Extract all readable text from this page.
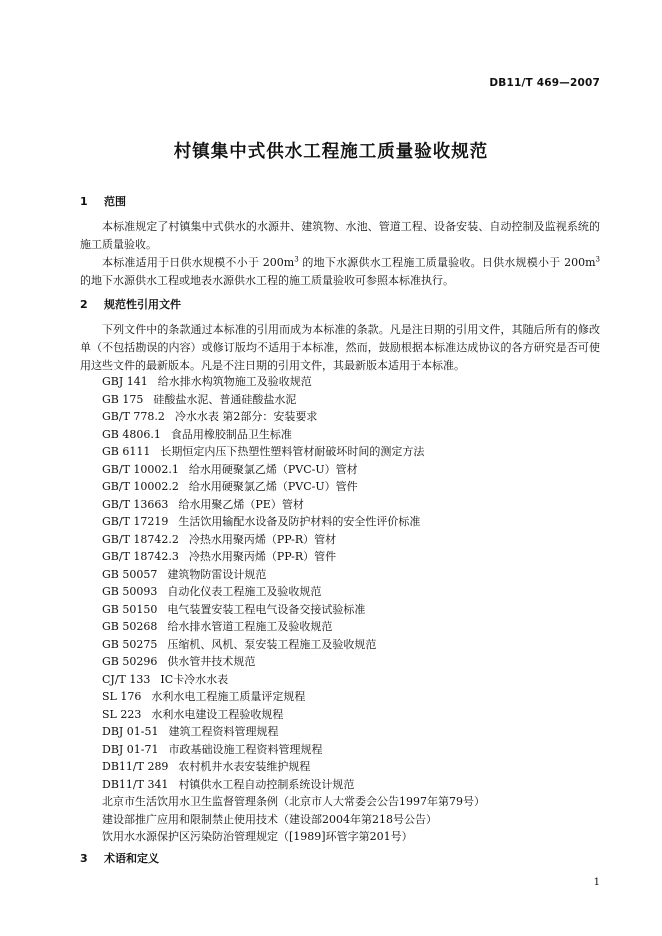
DB11/T 469—2007
村镇集中式供水工程施工质量验收规范
1 范围
本标准规定了村镇集中式供水的水源井、建筑物、水池、管道工程、设备安装、自动控制及监视系统的施工质量验收。
本标准适用于日供水规模不小于 $200m^3$ 的地下水源供水工程施工质量验收。日供水规模小于 $200m^3$ 的地下水源供水工程或地表水源供水工程的施工质量验收可参照本标准执行。
2 规范性引用文件
下列文件中的条款通过本标准的引用而成为本标准的条款。凡是注日期的引用文件，其随后所有的修改单（不包括勘误的内容）或修订版均不适用于本标准，然而，鼓励根据本标准达成协议的各方研究是否可使用这些文件的最新版本。凡是不注日期的引用文件，其最新版本适用于本标准。
GBJ 141 给水排水构筑物施工及验收规范
GB 175 硅酸盐水泥、普通硅酸盐水泥
GB/T 778.2 冷水水表 第2部分：安装要求
GB 4806.1 食品用橡胶制品卫生标准
GB 6111 长期恒定内压下热塑性塑料管材耐破坏时间的测定方法
GB/T 10002.1 给水用硬聚氯乙烯（PVC-U）管材
GB/T 10002.2 给水用硬聚氯乙烯（PVC-U）管件
GB/T 13663 给水用聚乙烯（PE）管材
GB/T 17219 生活饮用输配水设备及防护材料的安全性评价标准
GB/T 18742.2 冷热水用聚丙烯（PP-R）管材
GB/T 18742.3 冷热水用聚丙烯（PP-R）管件
GB 50057 建筑物防雷设计规范
GB 50093 自动化仪表工程施工及验收规范
GB 50150 电气装置安装工程电气设备交接试验标准
GB 50268 给水排水管道工程施工及验收规范
GB 50275 压缩机、风机、泵安装工程施工及验收规范
GB 50296 供水管井技术规范
CJ/T 133 IC卡冷水水表
SL 176 水利水电工程施工质量评定规程
SL 223 水利水电建设工程验收规程
DBJ 01-51 建筑工程资料管理规程
DBJ 01-71 市政基础设施工程资料管理规程
DB11/T 289 农村机井水表安装维护规程
DB11/T 341 村镇供水工程自动控制系统设计规范
北京市生活饮用水卫生监督管理条例（北京市人大常委会公告1997年第79号）
建设部推广应用和限制禁止使用技术（建设部2004年第218号公告）
饮用水水源保护区污染防治管理规定（[1989]环管字第201号）
3 术语和定义
1
